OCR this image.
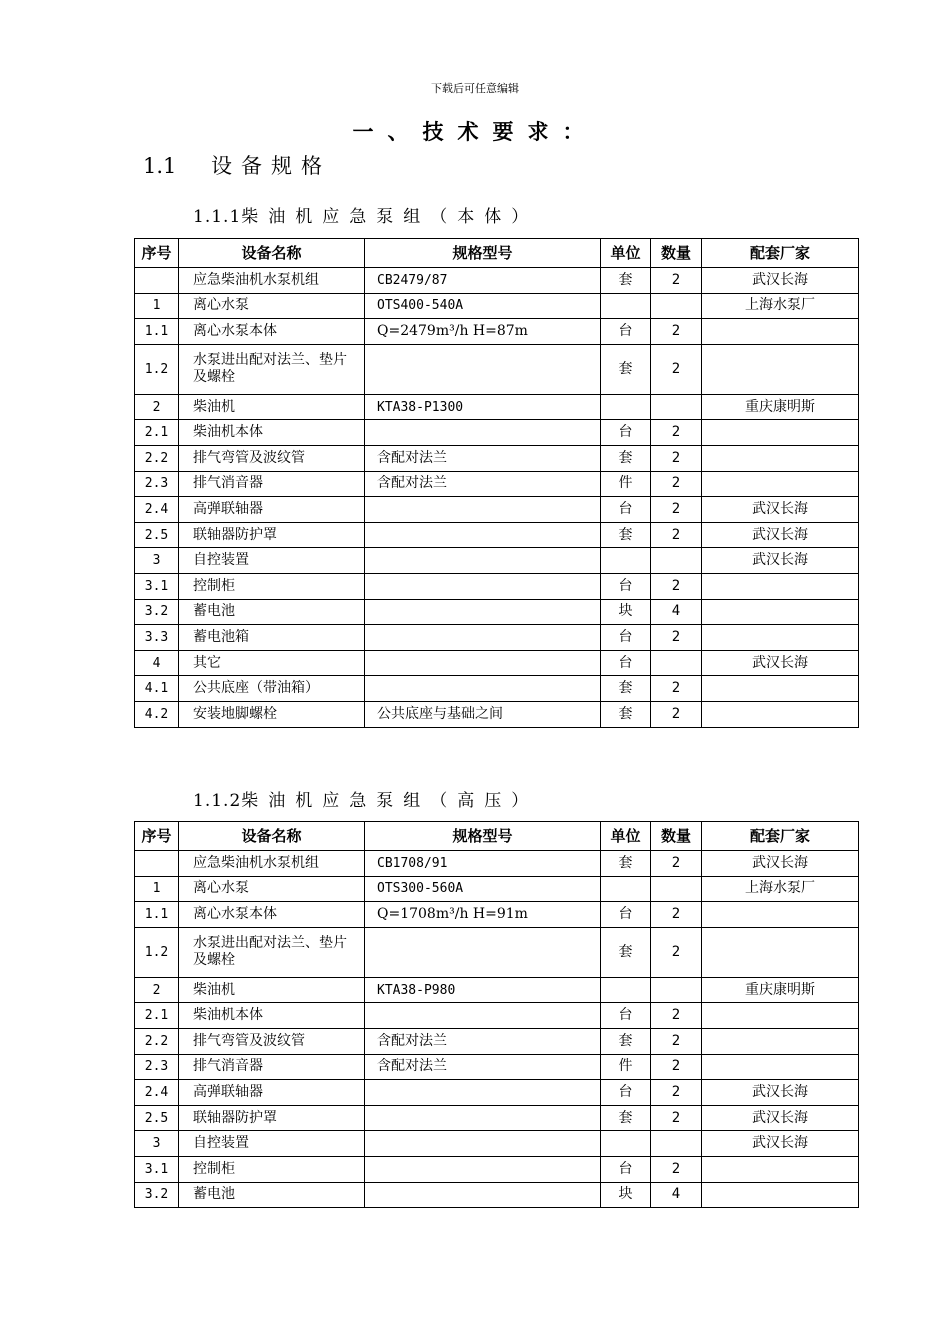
下载后可任意编辑
一、技术要求：
1.1 设备规格
1.1.1柴油机应急泵组（本体）
序号	设备名称	规格型号	单位	数量	配套厂家
	应急柴油机水泵机组	CB2479/87	套	2	武汉长海
1	离心水泵	OTS400-540A			上海水泵厂
1.1	离心水泵本体	Q=2479m³/h H=87m	台	2	
1.2	水泵进出配对法兰、垫片及螺栓		套	2	
2	柴油机	KTA38-P1300			重庆康明斯
2.1	柴油机本体		台	2	
2.2	排气弯管及波纹管	含配对法兰	套	2	
2.3	排气消音器	含配对法兰	件	2	
2.4	高弹联轴器		台	2	武汉长海
2.5	联轴器防护罩		套	2	武汉长海
3	自控装置				武汉长海
3.1	控制柜		台	2	
3.2	蓄电池		块	4	
3.3	蓄电池箱		台	2	
4	其它		台		武汉长海
4.1	公共底座（带油箱）		套	2	
4.2	安装地脚螺栓	公共底座与基础之间	套	2	
1.1.2柴油机应急泵组（高压）
序号	设备名称	规格型号	单位	数量	配套厂家
	应急柴油机水泵机组	CB1708/91	套	2	武汉长海
1	离心水泵	OTS300-560A			上海水泵厂
1.1	离心水泵本体	Q=1708m³/h H=91m	台	2	
1.2	水泵进出配对法兰、垫片及螺栓		套	2	
2	柴油机	KTA38-P980			重庆康明斯
2.1	柴油机本体		台	2	
2.2	排气弯管及波纹管	含配对法兰	套	2	
2.3	排气消音器	含配对法兰	件	2	
2.4	高弹联轴器		台	2	武汉长海
2.5	联轴器防护罩		套	2	武汉长海
3	自控装置				武汉长海
3.1	控制柜		台	2	
3.2	蓄电池		块	4	
